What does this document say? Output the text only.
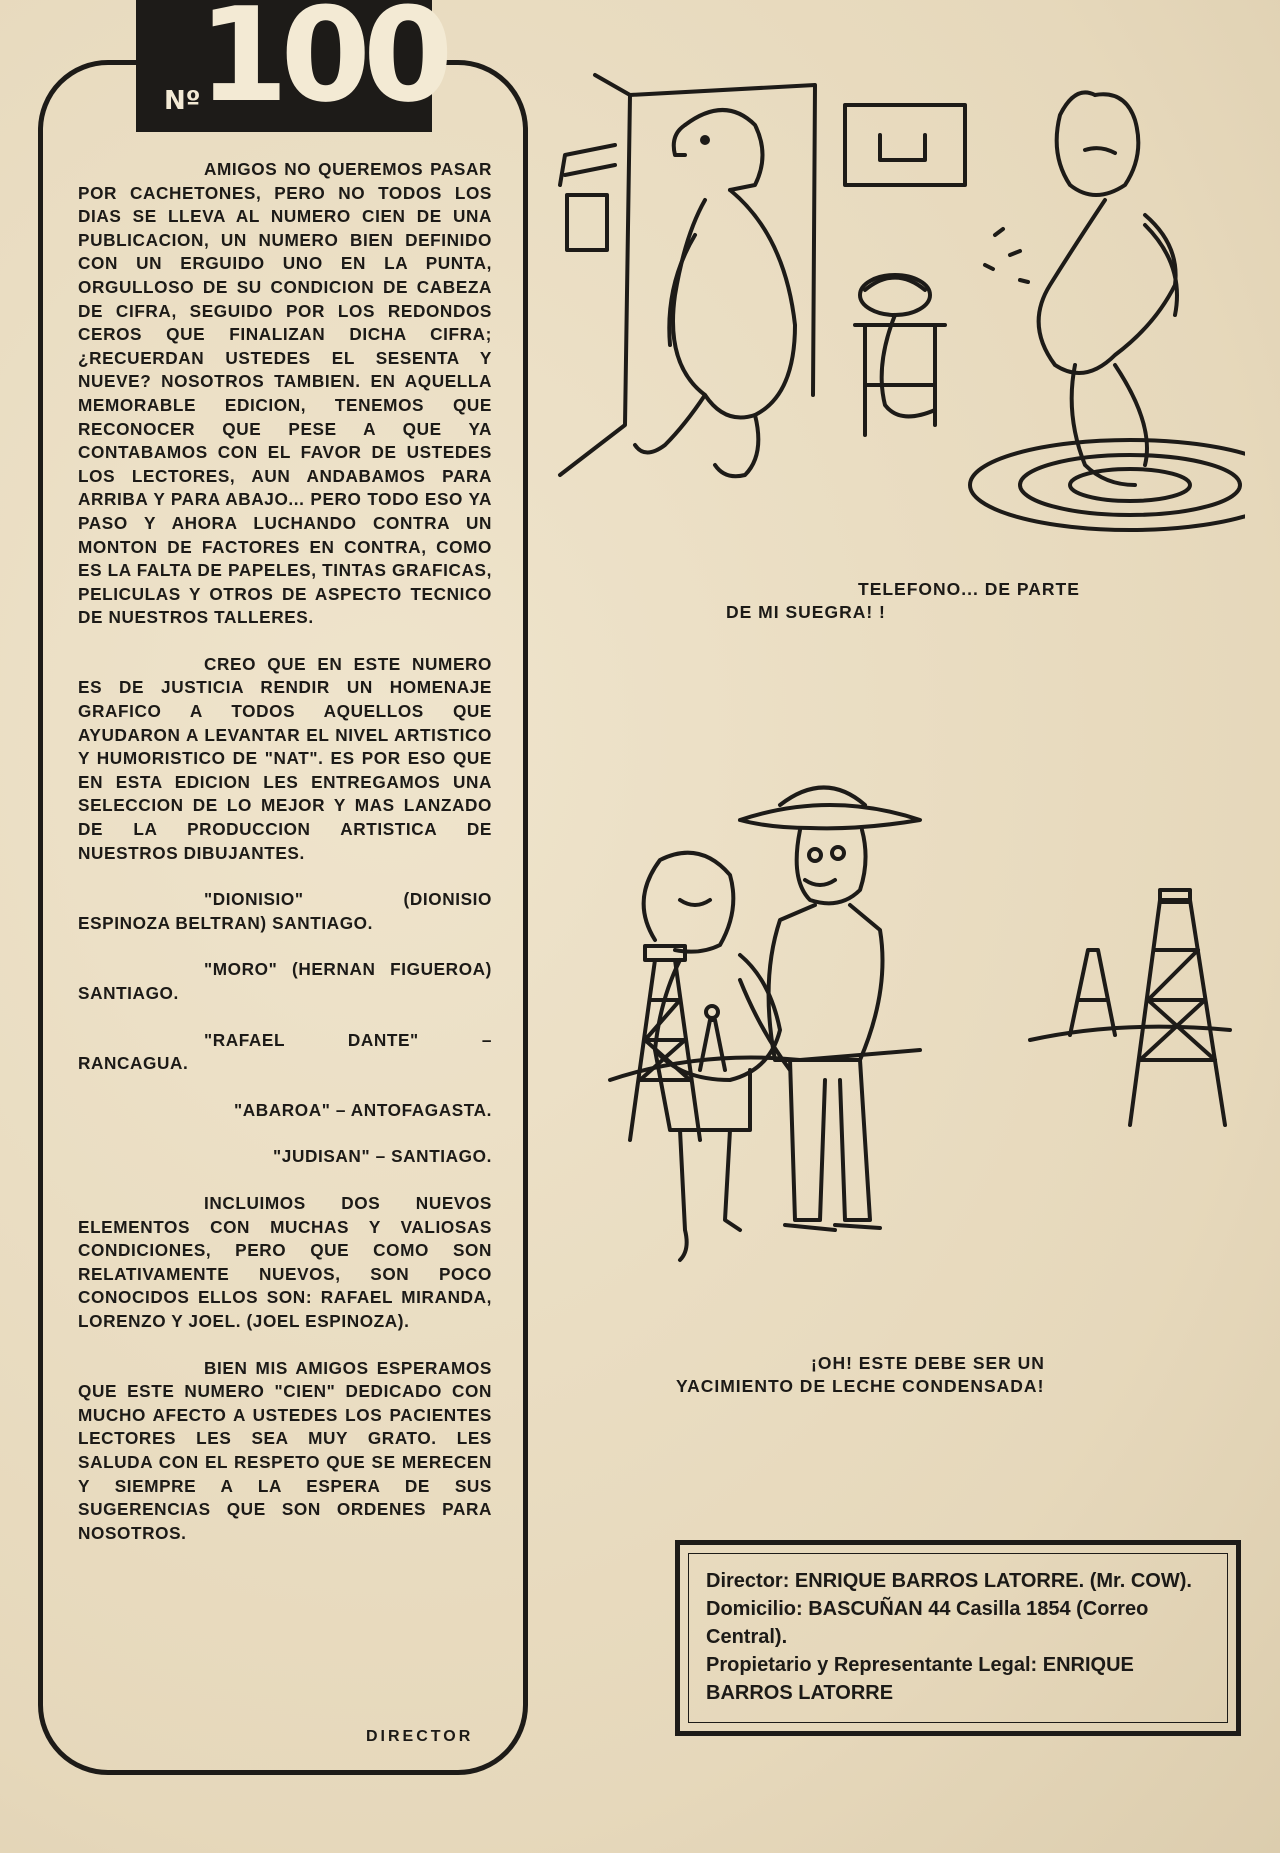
Nº
100

AMIGOS NO QUEREMOS PASAR POR CACHETONES, PERO NO TODOS LOS DIAS SE LLEVA AL NUMERO CIEN DE UNA PUBLICACION, UN NUMERO BIEN DEFINIDO CON UN ERGUIDO UNO EN LA PUNTA, ORGULLOSO DE SU CONDICION DE CABEZA DE CIFRA, SEGUIDO POR LOS REDONDOS CEROS QUE FINALIZAN DICHA CIFRA; ¿RECUERDAN USTEDES EL SESENTA Y NUEVE? NOSOTROS TAMBIEN. EN AQUELLA MEMORABLE EDICION, TENEMOS QUE RECONOCER QUE PESE A QUE YA CONTABAMOS CON EL FAVOR DE USTEDES LOS LECTORES, AUN ANDABAMOS PARA ARRIBA Y PARA ABAJO... PERO TODO ESO YA PASO Y AHORA LUCHANDO CONTRA UN MONTON DE FACTORES EN CONTRA, COMO ES LA FALTA DE PAPELES, TINTAS GRAFICAS, PELICULAS Y OTROS DE ASPECTO TECNICO DE NUESTROS TALLERES.

CREO QUE EN ESTE NUMERO ES DE JUSTICIA RENDIR UN HOMENAJE GRAFICO A TODOS AQUELLOS QUE AYUDARON A LEVANTAR EL NIVEL ARTISTICO Y HUMORISTICO DE "NAT". ES POR ESO QUE EN ESTA EDICION LES ENTREGAMOS UNA SELECCION DE LO MEJOR Y MAS LANZADO DE LA PRODUCCION ARTISTICA DE NUESTROS DIBUJANTES.

"DIONISIO" (DIONISIO ESPINOZA BELTRAN) SANTIAGO.

"MORO" (HERNAN FIGUEROA) SANTIAGO.

"RAFAEL DANTE" – RANCAGUA.

"ABAROA" – ANTOFAGASTA.

"JUDISAN" – SANTIAGO.

INCLUIMOS DOS NUEVOS ELEMENTOS CON MUCHAS Y VALIOSAS CONDICIONES, PERO QUE COMO SON RELATIVAMENTE NUEVOS, SON POCO CONOCIDOS ELLOS SON: RAFAEL MIRANDA, LORENZO Y JOEL. (JOEL ESPINOZA).

BIEN MIS AMIGOS ESPERAMOS QUE ESTE NUMERO "CIEN" DEDICADO CON MUCHO AFECTO A USTEDES LOS PACIENTES LECTORES LES SEA MUY GRATO. LES SALUDA CON EL RESPETO QUE SE MERECEN Y SIEMPRE A LA ESPERA DE SUS SUGERENCIAS QUE SON ORDENES PARA NOSOTROS.

DIRECTOR
TELEFONO... DE PARTE
DE MI SUEGRA! !
¡OH! ESTE DEBE SER UN
YACIMIENTO DE LECHE CONDENSADA!

Director: ENRIQUE BARROS LATORRE. (Mr. COW).

Domicilio: BASCUÑAN 44 Casilla 1854 (Correo Central).

Propietario y Representante Legal: ENRIQUE BARROS LATORRE
